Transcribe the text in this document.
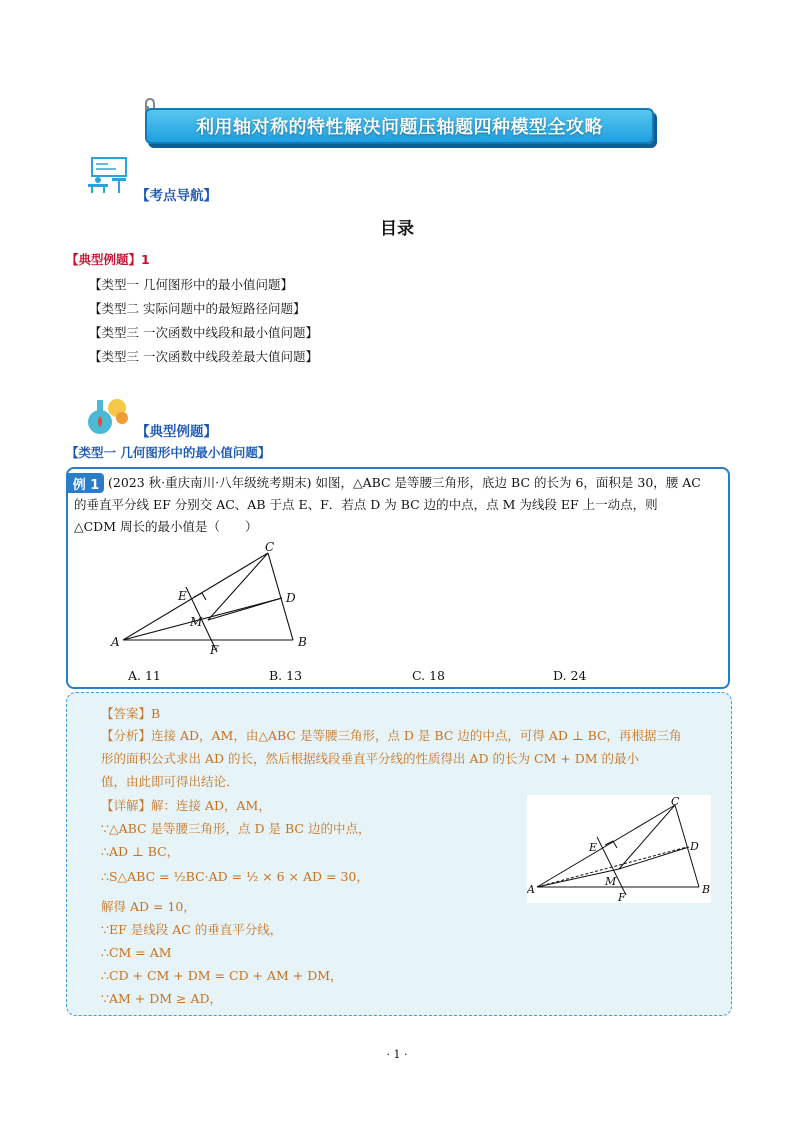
利用轴对称的特性解决问题压轴题四种模型全攻略
【考点导航】
目录
【典型例题】1
【类型一 几何图形中的最小值问题】
【类型二 实际问题中的最短路径问题】
【类型三 一次函数中线段和最小值问题】
【类型三 一次函数中线段差最大值问题】
【典型例题】
【类型一 几何图形中的最小值问题】
例 1 (2023 秋·重庆南川·八年级统考期末) 如图，△ABC 是等腰三角形，底边 BC 的长为 6，面积是 30，腰 AC
的垂直平分线 EF 分别交 AC、AB 于点 E、F．若点 D 为 BC 边的中点，点 M 为线段 EF 上一动点，则
△CDM 周长的最小值是（　　）
A	B
C
D
E
F
M
A. 11	B. 13	C. 18	D. 24
【答案】B
【分析】连接 AD，AM，由△ABC 是等腰三角形，点 D 是 BC 边的中点，可得 AD ⊥ BC，再根据三角
形的面积公式求出 AD 的长，然后根据线段垂直平分线的性质得出 AD 的长为 CM + DM 的最小
值，由此即可得出结论．
【详解】解：连接 AD，AM，
∵△ABC 是等腰三角形，点 D 是 BC 边的中点，
∴AD ⊥ BC，
∴S△ABC = ½BC·AD = ½ × 6 × AD = 30，
解得 AD = 10，
∵EF 是线段 AC 的垂直平分线，
∴CM = AM
∴CD + CM + DM = CD + AM + DM，
∵AM + DM ≥ AD，
A	B
C
D
E
F
M
· 1 ·
